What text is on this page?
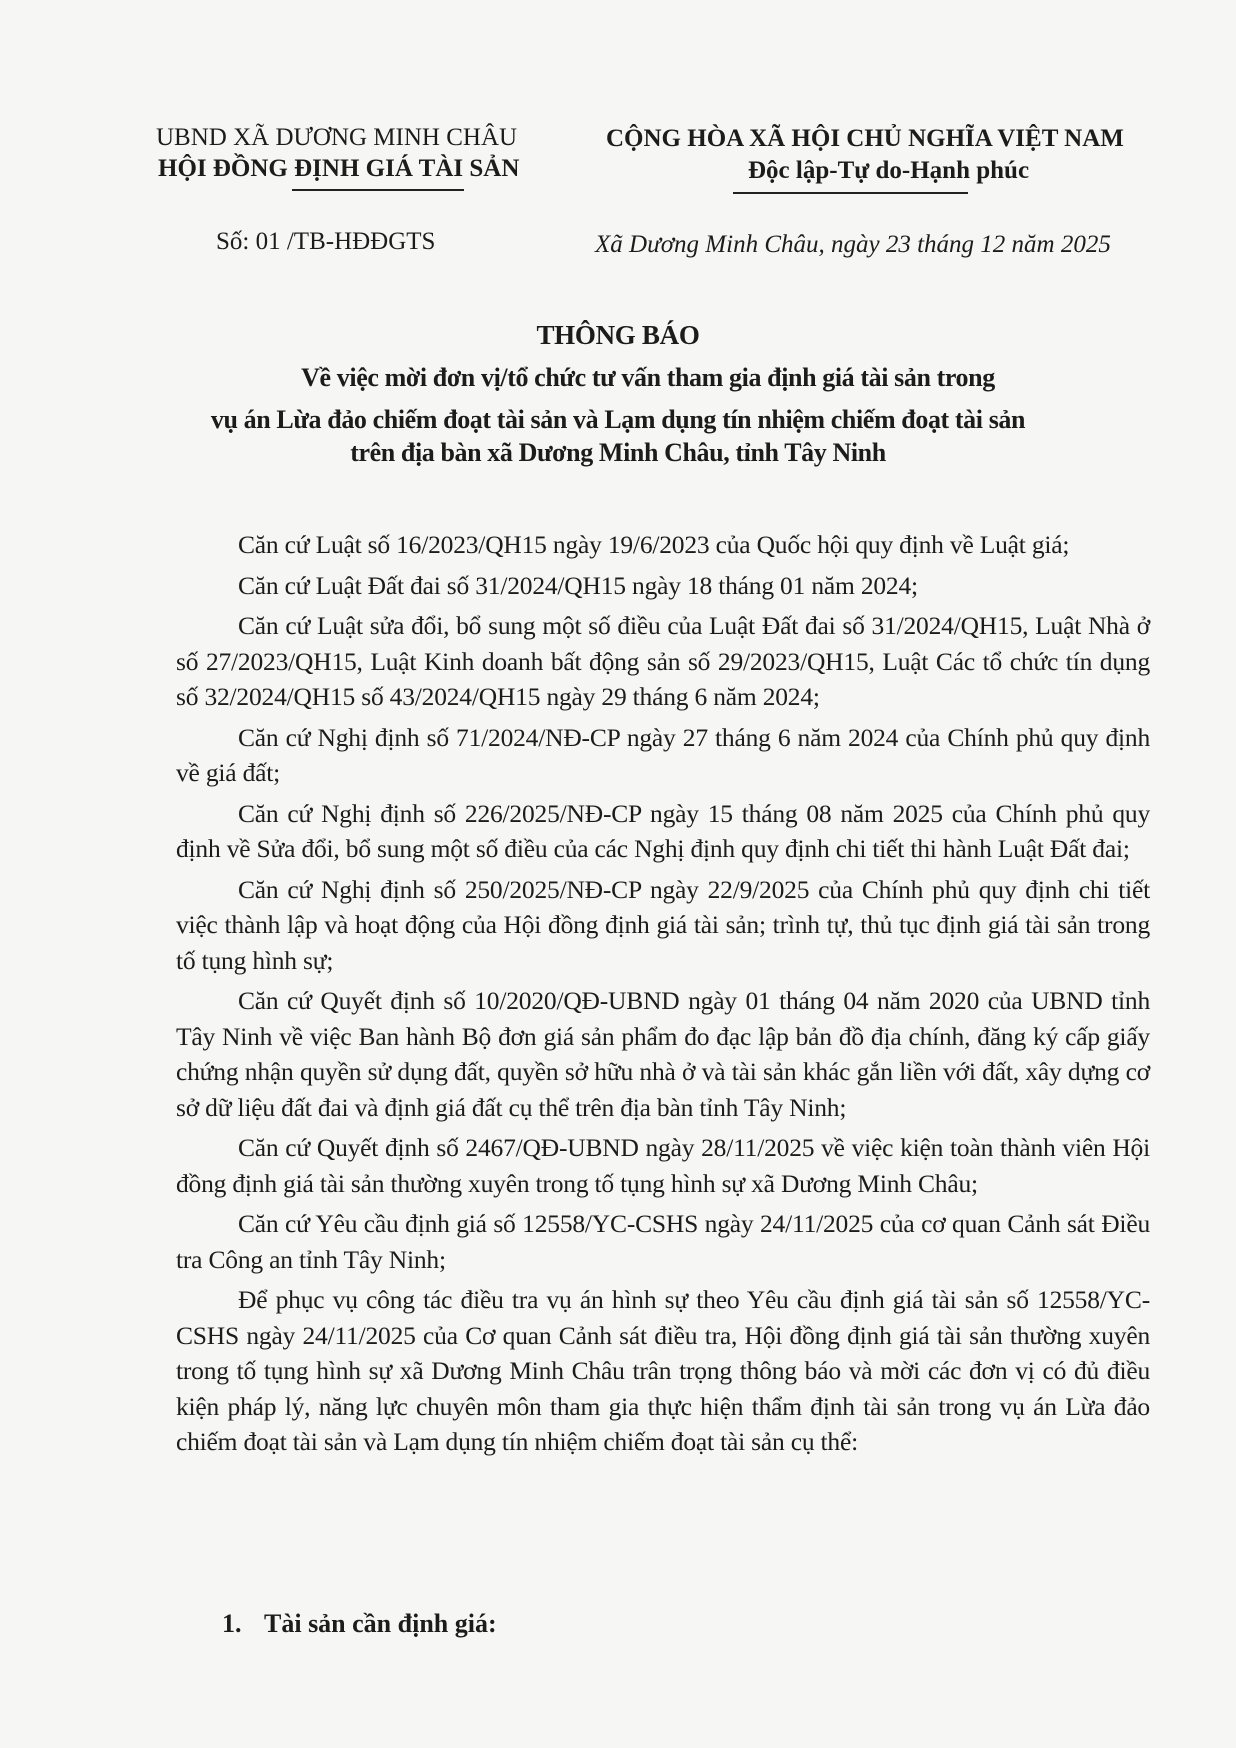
UBND XÃ DƯƠNG MINH CHÂU
HỘI ĐỒNG ĐỊNH GIÁ TÀI SẢN
Số: 01 /TB-HĐĐGTS
CỘNG HÒA XÃ HỘI CHỦ NGHĨA VIỆT NAM
Độc lập-Tự do-Hạnh phúc
Xã Dương Minh Châu, ngày 23 tháng 12 năm 2025
THÔNG BÁO
Về việc mời đơn vị/tổ chức tư vấn tham gia định giá tài sản trong
vụ án Lừa đảo chiếm đoạt tài sản và Lạm dụng tín nhiệm chiếm đoạt tài sản
trên địa bàn xã Dương Minh Châu, tỉnh Tây Ninh

Căn cứ Luật số 16/2023/QH15 ngày 19/6/2023 của Quốc hội quy định về Luật giá;

Căn cứ Luật Đất đai số 31/2024/QH15 ngày 18 tháng 01 năm 2024;

Căn cứ Luật sửa đổi, bổ sung một số điều của Luật Đất đai số 31/2024/QH15, Luật Nhà ở số 27/2023/QH15, Luật Kinh doanh bất động sản số 29/2023/QH15, Luật Các tổ chức tín dụng số 32/2024/QH15 số 43/2024/QH15 ngày 29 tháng 6 năm 2024;

Căn cứ Nghị định số 71/2024/NĐ-CP ngày 27 tháng 6 năm 2024 của Chính phủ quy định về giá đất;

Căn cứ Nghị định số 226/2025/NĐ-CP ngày 15 tháng 08 năm 2025 của Chính phủ quy định về Sửa đổi, bổ sung một số điều của các Nghị định quy định chi tiết thi hành Luật Đất đai;

Căn cứ Nghị định số 250/2025/NĐ-CP ngày 22/9/2025 của Chính phủ quy định chi tiết việc thành lập và hoạt động của Hội đồng định giá tài sản; trình tự, thủ tục định giá tài sản trong tố tụng hình sự;

Căn cứ Quyết định số 10/2020/QĐ-UBND ngày 01 tháng 04 năm 2020 của UBND tỉnh Tây Ninh về việc Ban hành Bộ đơn giá sản phẩm đo đạc lập bản đồ địa chính, đăng ký cấp giấy chứng nhận quyền sử dụng đất, quyền sở hữu nhà ở và tài sản khác gắn liền với đất, xây dựng cơ sở dữ liệu đất đai và định giá đất cụ thể trên địa bàn tỉnh Tây Ninh;

Căn cứ Quyết định số 2467/QĐ-UBND ngày 28/11/2025 về việc kiện toàn thành viên Hội đồng định giá tài sản thường xuyên trong tố tụng hình sự xã Dương Minh Châu;

Căn cứ Yêu cầu định giá số 12558/YC-CSHS ngày 24/11/2025 của cơ quan Cảnh sát Điều tra Công an tỉnh Tây Ninh;

Để phục vụ công tác điều tra vụ án hình sự theo Yêu cầu định giá tài sản số 12558/YC-CSHS ngày 24/11/2025 của Cơ quan Cảnh sát điều tra, Hội đồng định giá tài sản thường xuyên trong tố tụng hình sự xã Dương Minh Châu trân trọng thông báo và mời các đơn vị có đủ điều kiện pháp lý, năng lực chuyên môn tham gia thực hiện thẩm định tài sản trong vụ án Lừa đảo chiếm đoạt tài sản và Lạm dụng tín nhiệm chiếm đoạt tài sản cụ thể:

1. Tài sản cần định giá:
